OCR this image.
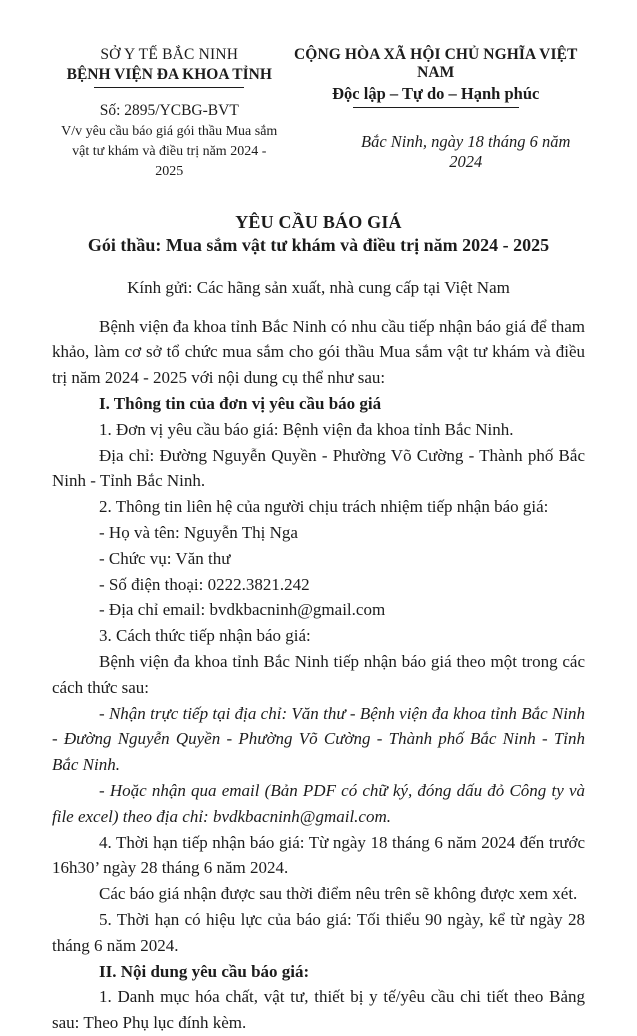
SỞ Y TẾ BẮC NINH
BỆNH VIỆN ĐA KHOA TỈNH
Số: 2895/YCBG-BVT
V/v yêu cầu báo giá gói thầu Mua sắm vật tư khám và điều trị năm 2024 - 2025
CỘNG HÒA XÃ HỘI CHỦ NGHĨA VIỆT NAM
Độc lập – Tự do – Hạnh phúc
Bắc Ninh, ngày 18 tháng 6 năm 2024
YÊU CẦU BÁO GIÁ
Gói thầu: Mua sắm vật tư khám và điều trị năm 2024 - 2025
Kính gửi: Các hãng sản xuất, nhà cung cấp tại Việt Nam

Bệnh viện đa khoa tỉnh Bắc Ninh có nhu cầu tiếp nhận báo giá để tham khảo, làm cơ sở tổ chức mua sắm cho gói thầu Mua sắm vật tư khám và điều trị năm 2024 - 2025 với nội dung cụ thể như sau:

I. Thông tin của đơn vị yêu cầu báo giá

1. Đơn vị yêu cầu báo giá: Bệnh viện đa khoa tỉnh Bắc Ninh.

Địa chỉ: Đường Nguyễn Quyền - Phường Võ Cường - Thành phố Bắc Ninh - Tỉnh Bắc Ninh.

2. Thông tin liên hệ của người chịu trách nhiệm tiếp nhận báo giá:

- Họ và tên: Nguyễn Thị Nga

- Chức vụ: Văn thư

- Số điện thoại: 0222.3821.242

- Địa chỉ email: bvdkbacninh@gmail.com

3. Cách thức tiếp nhận báo giá:

Bệnh viện đa khoa tỉnh Bắc Ninh tiếp nhận báo giá theo một trong các cách thức sau:

- Nhận trực tiếp tại địa chỉ: Văn thư - Bệnh viện đa khoa tỉnh Bắc Ninh - Đường Nguyễn Quyền - Phường Võ Cường - Thành phố Bắc Ninh - Tỉnh Bắc Ninh.

- Hoặc nhận qua email (Bản PDF có chữ ký, đóng dấu đỏ Công ty và file excel) theo địa chỉ: bvdkbacninh@gmail.com.

4. Thời hạn tiếp nhận báo giá: Từ ngày 18 tháng 6 năm 2024 đến trước 16h30’ ngày 28 tháng 6 năm 2024.

Các báo giá nhận được sau thời điểm nêu trên sẽ không được xem xét.

5. Thời hạn có hiệu lực của báo giá: Tối thiểu 90 ngày, kể từ ngày 28 tháng 6 năm 2024.

II. Nội dung yêu cầu báo giá:

1. Danh mục hóa chất, vật tư, thiết bị y tế/yêu cầu chi tiết theo Bảng sau: Theo Phụ lục đính kèm.
